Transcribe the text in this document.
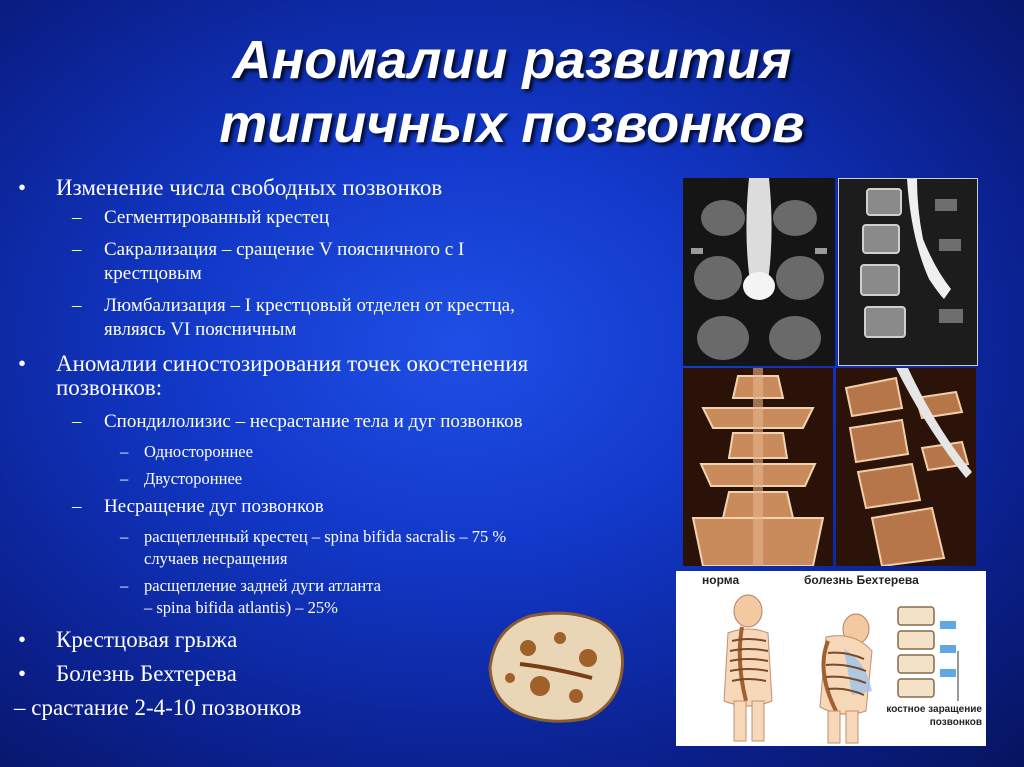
Аномалии развития
типичных позвонков
• Изменение числа свободных позвонков
– Сегментированный крестец
– Сакрализация – сращение V поясничного с I
крестцовым
– Люмбализация – I крестцовый отделен от крестца,
являясь VI поясничным
• Аномалии синостозирования точек окостенения
позвонков:
– Спондилолизис – несрастание тела и дуг позвонков
– Одностороннее
– Двустороннее
– Несращение дуг позвонков
– расщепленный крестец – spina bifida sacralis – 75 %
случаев несращения
– расщепление задней дуги атланта
– spina bifida atlantis) – 25%
• Крестцовая грыжа
• Болезнь Бехтерева
– срастание 2-4-10 позвонков
норма	болезнь Бехтерева
костное заращение
позвонков
